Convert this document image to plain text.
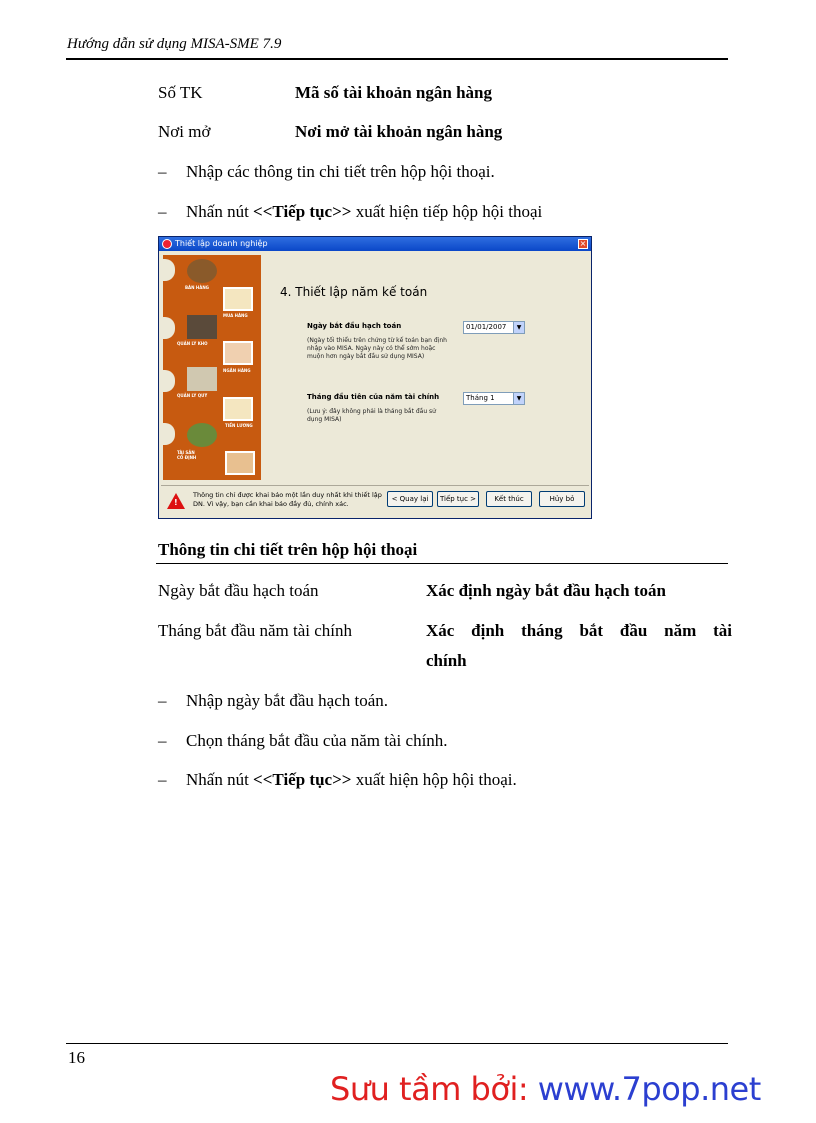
Hướng dẫn sử dụng MISA-SME 7.9
Số TK	Mã số tài khoản ngân hàng
Nơi mở	Nơi mở tài khoản ngân hàng
– Nhập các thông tin chi tiết trên hộp hội thoại.
– Nhấn nút <<Tiếp tục>> xuất hiện tiếp hộp hội thoại
Thiết lập doanh nghiệp	×
BÁN HÀNG
MUA HÀNG
QUẢN LÝ KHO
NGÂN HÀNG
QUẢN LÝ QUỸ
TIỀN LƯƠNG
TÀI SẢN CỐ ĐỊNH
4. Thiết lập năm kế toán
Ngày bắt đầu hạch toán	01/01/2007	▼
(Ngày tối thiểu trên chứng từ kế toán bạn định nhập vào MISA. Ngày này có thể sớm hoặc muộn hơn ngày bắt đầu sử dụng MISA)
Tháng đầu tiên của năm tài chính	Tháng 1	▼
(Lưu ý: đây không phải là tháng bắt đầu sử dụng MISA)
!
Thông tin chỉ được khai báo một lần duy nhất khi thiết lập DN. Vì vậy, bạn cần khai báo đầy đủ, chính xác.
< Quay lại	Tiếp tục >	Kết thúc	Hủy bỏ
Thông tin chi tiết trên hộp hội thoại
Ngày bắt đầu hạch toán	Xác định ngày bắt đầu hạch toán
Tháng bắt đầu năm tài chính	Xác định tháng bắt đầu năm tài
chính
– Nhập ngày bắt đầu hạch toán.
– Chọn tháng bắt đầu của năm tài chính.
– Nhấn nút <<Tiếp tục>> xuất hiện hộp hội thoại.
16
Sưu tầm bởi: www.7pop.net
